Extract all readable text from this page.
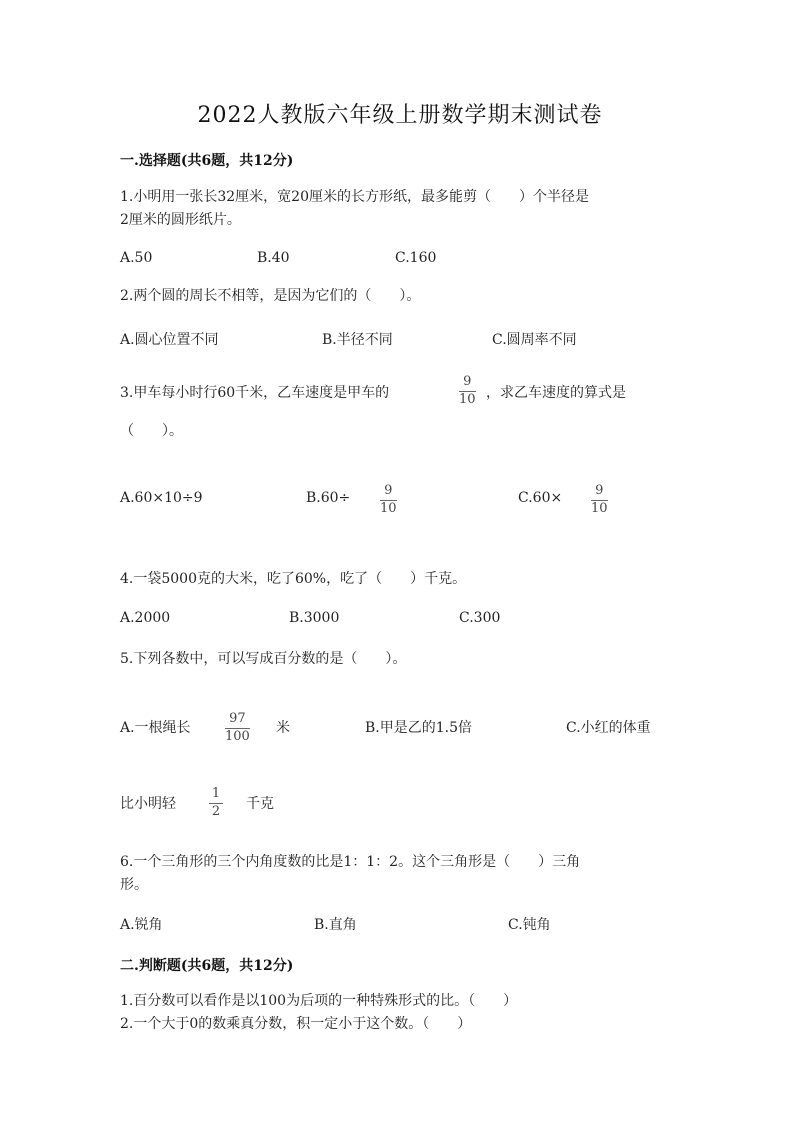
2022人教版六年级上册数学期末测试卷
一.选择题(共6题，共12分)
1.小明用一张长32厘米，宽20厘米的长方形纸，最多能剪（　　）个半径是
2厘米的圆形纸片。
A.50	B.40	C.160
2.两个圆的周长不相等，是因为它们的（　　）。
A.圆心位置不同	B.半径不同	C.圆周率不同
3.甲车每小时行60千米，乙车速度是甲车的
9
10 ，求乙车速度的算式是
（　　）。
A.60×10÷9	B.60÷	9
10
C.60×	9
10
4.一袋5000克的大米，吃了60%，吃了（　　）千克。
A.2000	B.3000	C.300
5.下列各数中，可以写成百分数的是（　　）。
A.一根绳长
97
100
米	B.甲是乙的1.5倍	C.小红的体重
比小明轻
1
2 千克
6.一个三角形的三个内角度数的比是1：1：2。这个三角形是（　　）三角
形。
A.锐角	B.直角	C.钝角
二.判断题(共6题，共12分)
1.百分数可以看作是以100为后项的一种特殊形式的比。（　　）
2.一个大于0的数乘真分数，积一定小于这个数。（　　）
